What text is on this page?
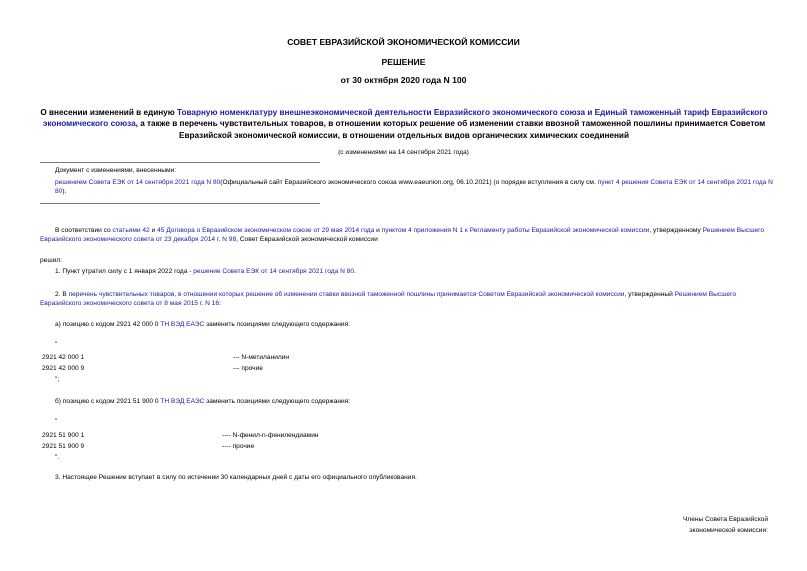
СОВЕТ ЕВРАЗИЙСКОЙ ЭКОНОМИЧЕСКОЙ КОМИССИИ
РЕШЕНИЕ
от 30 октября 2020 года N 100
О внесении изменений в единую Товарную номенклатуру внешнеэкономической деятельности Евразийского экономического союза и Единый таможенный тариф Евразийского экономического союза, а также в перечень чувствительных товаров, в отношении которых решение об изменении ставки ввозной таможенной пошлины принимается Советом Евразийской экономической комиссии, в отношении отдельных видов органических химических соединений
(с изменениями на 14 сентября 2021 года)
Документ с изменениями, внесенными:
решением Совета ЕЭК от 14 сентября 2021 года N 80(Официальный сайт Евразийского экономического союза www.eaeunion.org, 06.10.2021) (о порядке вступления в силу см. пункт 4 решения Совета ЕЭК от 14 сентября 2021 года N 80).
В соответствии со статьями 42 и 45 Договора о Евразийском экономическом союзе от 29 мая 2014 года и пунктом 4 приложения N 1 к Регламенту работы Евразийской экономической комиссии, утвержденному Решением Высшего Евразийского экономического совета от 23 декабря 2014 г. N 98, Совет Евразийской экономической комиссии
решил:
1. Пункт утратил силу с 1 января 2022 года - решение Совета ЕЭК от 14 сентября 2021 года N 80.
2. В перечень чувствительных товаров, в отношении которых решение об изменении ставки ввозной таможенной пошлины принимается Советом Евразийской экономической комиссии, утвержденный Решением Высшего Евразийского экономического совета от 8 мая 2015 г. N 16:
а) позицию с кодом 2921 42 000 0 ТН ВЭД ЕАЭС заменить позициями следующего содержания:
"
2921 42 000 1	--- N-метиланилин
2921 42 000 9	--- прочие
";
б) позицию с кодом 2921 51 900 0 ТН ВЭД ЕАЭС заменить позициями следующего содержания:
"
2921 51 900 1	---- N-фенил-n-фенилендиамин
2921 51 900 9	---- прочие
".
3. Настоящее Решение вступает в силу по истечении 30 календарных дней с даты его официального опубликования.
Члены Совета Евразийской
экономической комиссии:
